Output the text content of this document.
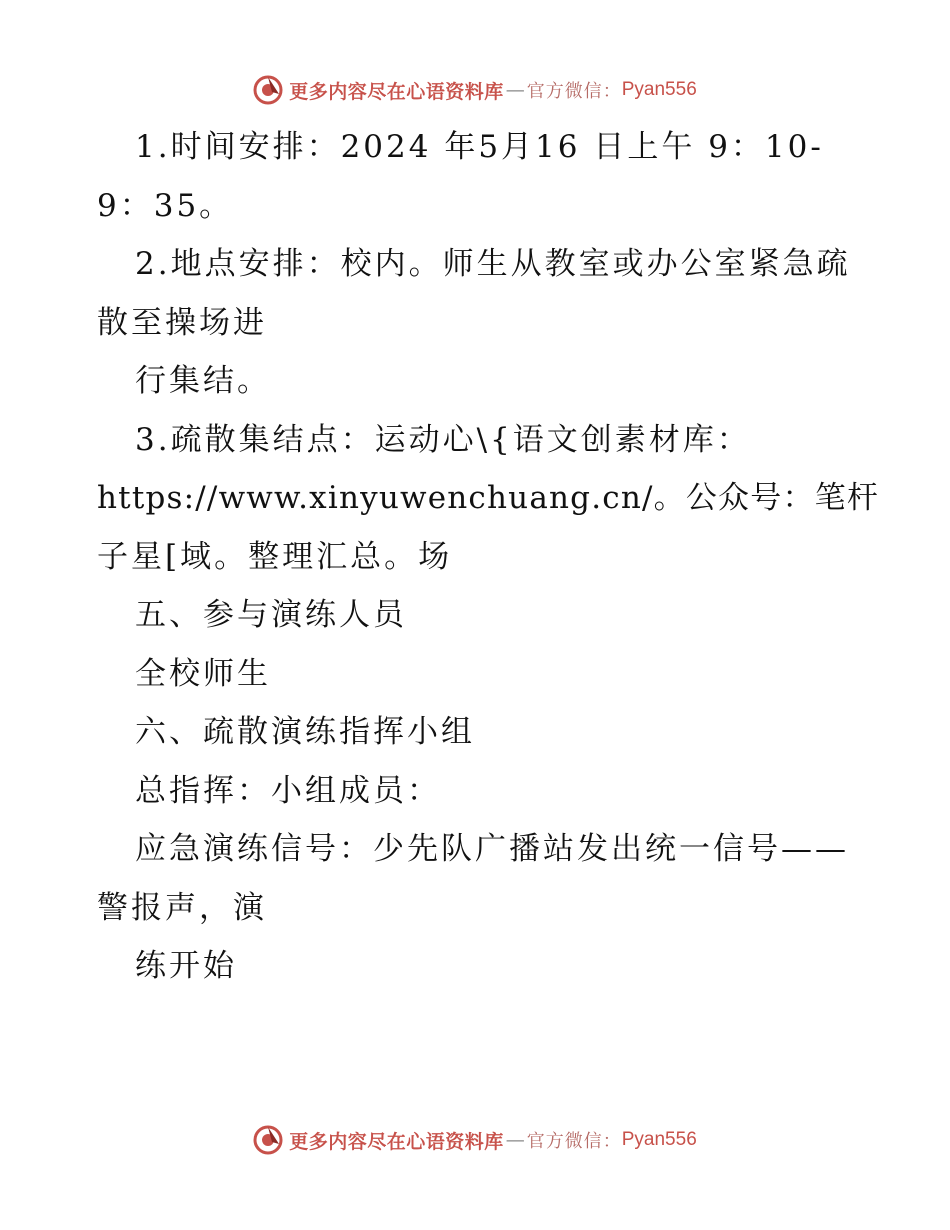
更多内容尽在心语资料库 — 官方微信： Pyan556
1.时间安排：2024 年5月16 日上午 9：10-
9：35。
2.地点安排：校内。师生从教室或办公室紧急疏
散至操场进
行集结。
3.疏散集结点：运动心\{语文创素材库：
https://www.xinyuwenchuang.cn/。公众号：笔杆
子星[域。整理汇总。场
五、参与演练人员
全校师生
六、疏散演练指挥小组
总指挥：小组成员：
应急演练信号：少先队广播站发出统一信号——
警报声，演
练开始
更多内容尽在心语资料库 — 官方微信： Pyan556
